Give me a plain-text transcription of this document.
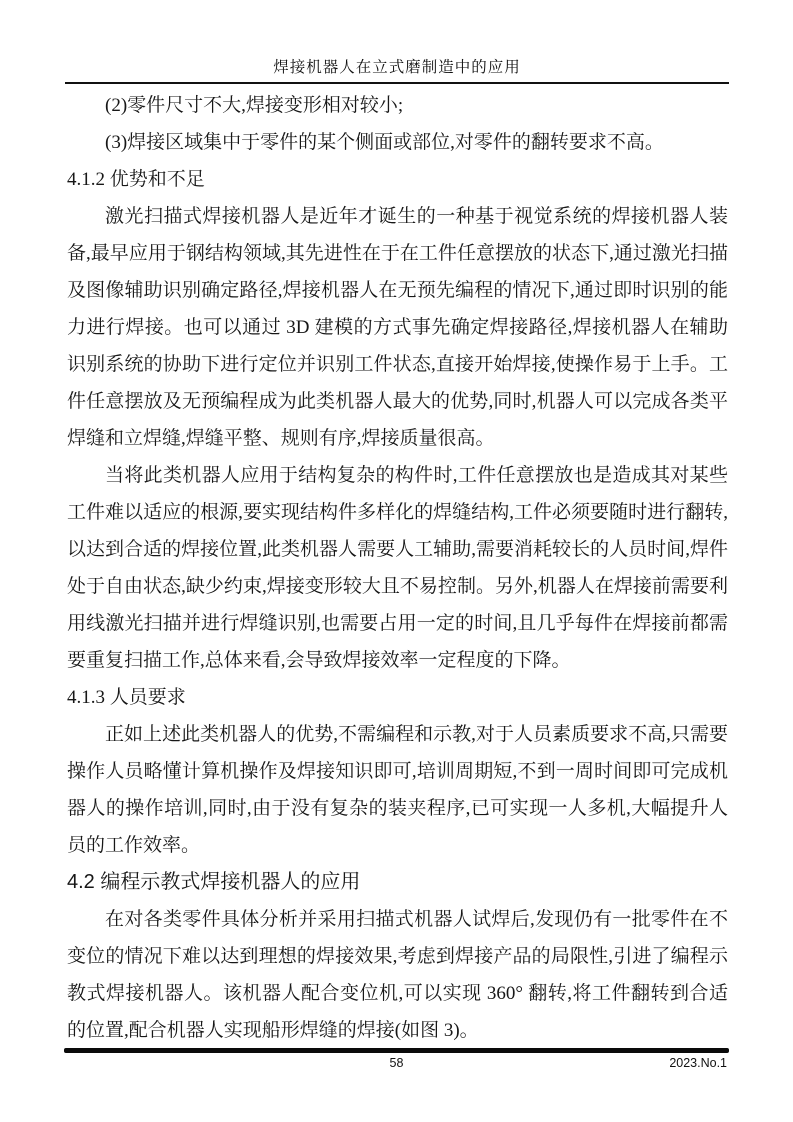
焊接机器人在立式磨制造中的应用

(2)零件尺寸不大,焊接变形相对较小;

(3)焊接区域集中于零件的某个侧面或部位,对零件的翻转要求不高。

4.1.2 优势和不足

激光扫描式焊接机器人是近年才诞生的一种基于视觉系统的焊接机器人装备,最早应用于钢结构领域,其先进性在于在工件任意摆放的状态下,通过激光扫描及图像辅助识别确定路径,焊接机器人在无预先编程的情况下,通过即时识别的能力进行焊接。也可以通过 3D 建模的方式事先确定焊接路径,焊接机器人在辅助识别系统的协助下进行定位并识别工件状态,直接开始焊接,使操作易于上手。工件任意摆放及无预编程成为此类机器人最大的优势,同时,机器人可以完成各类平焊缝和立焊缝,焊缝平整、规则有序,焊接质量很高。

当将此类机器人应用于结构复杂的构件时,工件任意摆放也是造成其对某些工件难以适应的根源,要实现结构件多样化的焊缝结构,工件必须要随时进行翻转,以达到合适的焊接位置,此类机器人需要人工辅助,需要消耗较长的人员时间,焊件处于自由状态,缺少约束,焊接变形较大且不易控制。另外,机器人在焊接前需要利用线激光扫描并进行焊缝识别,也需要占用一定的时间,且几乎每件在焊接前都需要重复扫描工作,总体来看,会导致焊接效率一定程度的下降。

4.1.3 人员要求

正如上述此类机器人的优势,不需编程和示教,对于人员素质要求不高,只需要操作人员略懂计算机操作及焊接知识即可,培训周期短,不到一周时间即可完成机器人的操作培训,同时,由于没有复杂的装夹程序,已可实现一人多机,大幅提升人员的工作效率。

4.2 编程示教式焊接机器人的应用

在对各类零件具体分析并采用扫描式机器人试焊后,发现仍有一批零件在不变位的情况下难以达到理想的焊接效果,考虑到焊接产品的局限性,引进了编程示教式焊接机器人。该机器人配合变位机,可以实现 360° 翻转,将工件翻转到合适的位置,配合机器人实现船形焊缝的焊接(如图 3)。

58	2023.No.1
